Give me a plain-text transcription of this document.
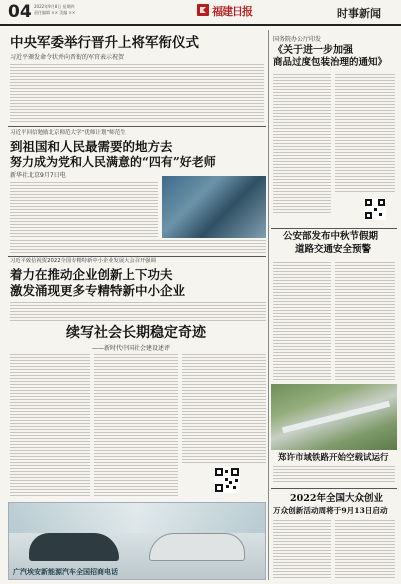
04 2022年9月8日 星期四
责任编辑 ×× 美编 ××	福建日报	时事新闻
中央军委举行晋升上将军衔仪式
习近平颁发命令状并向晋衔的军官表示祝贺
习近平回信勉励北京师范大学“优师计划”师范生
到祖国和人民最需要的地方去
努力成为党和人民满意的“四有”好老师
新华社北京9月7日电
习近平致信祝贺2022全国专精特新中小企业发展大会召开强调
着力在推动企业创新上下功夫
激发涌现更多专精特新中小企业
续写社会长期稳定奇迹
——新时代中国社会建设述评
广汽埃安新能源汽车全国招商电话
国务院办公厅印发
《关于进一步加强
商品过度包装治理的通知》
公安部发布中秋节假期
道路交通安全预警
郑许市域铁路开始空载试运行
2022年全国大众创业
万众创新活动周将于9月13日启动
